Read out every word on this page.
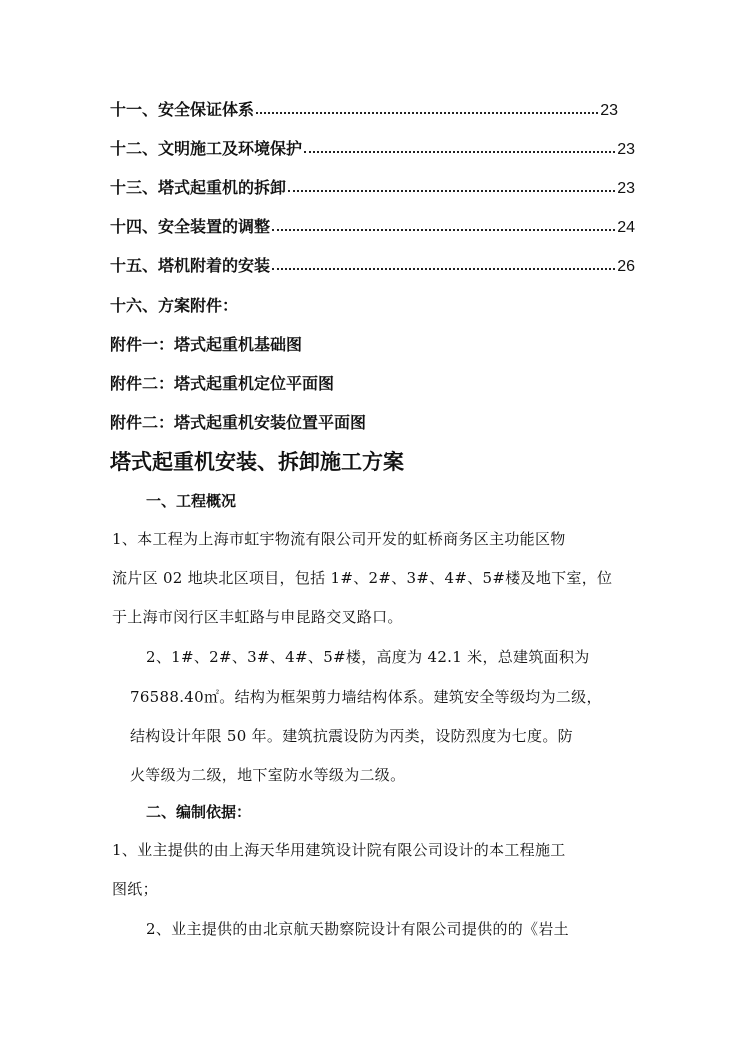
十一、安全保证体系	23
十二、文明施工及环境保护	23
十三、塔式起重机的拆卸	23
十四、安全装置的调整	24
十五、塔机附着的安装	26
十六、方案附件：
附件一：塔式起重机基础图
附件二：塔式起重机定位平面图
附件二：塔式起重机安装位置平面图
塔式起重机安装、拆卸施工方案
一、工程概况
1、本工程为上海市虹宇物流有限公司开发的虹桥商务区主功能区物
流片区 02 地块北区项目，包括 1#、2#、3#、4#、5#楼及地下室，位
于上海市闵行区丰虹路与申昆路交叉路口。
2、1#、2#、3#、4#、5#楼，高度为 42.1 米，总建筑面积为
76588.40㎡。结构为框架剪力墙结构体系。建筑安全等级均为二级，
结构设计年限 50 年。建筑抗震设防为丙类，设防烈度为七度。防
火等级为二级，地下室防水等级为二级。
二、编制依据：
1、业主提供的由上海天华用建筑设计院有限公司设计的本工程施工
图纸；
2、业主提供的由北京航天勘察院设计有限公司提供的的《岩土
